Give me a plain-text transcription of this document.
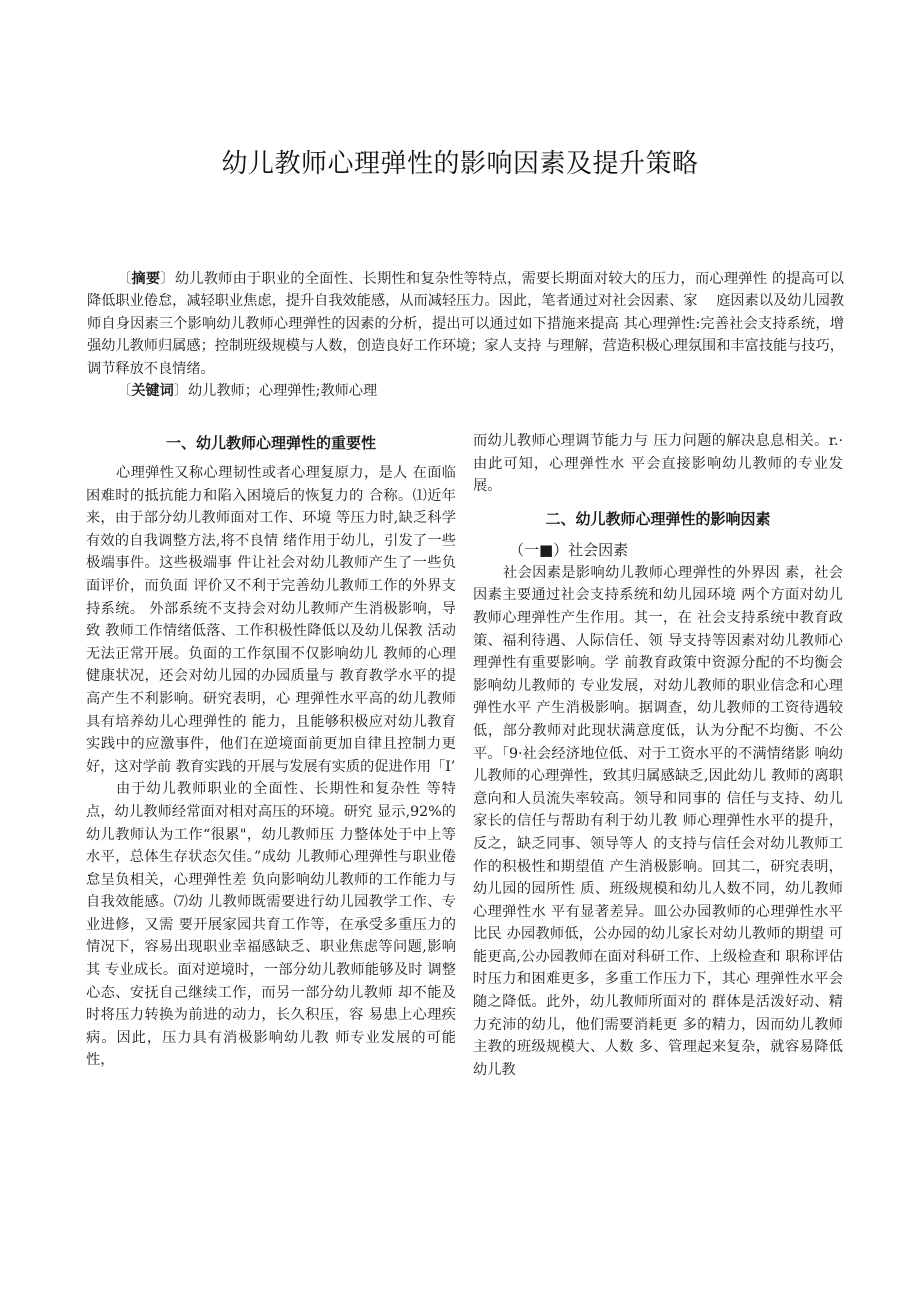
幼儿教师心理弹性的影响因素及提升策略

〔摘要〕幼儿教师由于职业的全面性、长期性和复杂性等特点，需要长期面对较大的压力，而心理弹性 的提高可以降低职业倦怠，减轻职业焦虑，提升自我效能感，从而减轻压力。因此，笔者通过对社会因素、家　 庭因素以及幼儿园教师自身因素三个影响幼儿教师心理弹性的因素的分析，提出可以通过如下措施来提高 其心理弹性:完善社会支持系统，增强幼儿教师归属感；控制班级规模与人数，创造良好工作环境；家人支持 与理解，营造积极心理氛围和丰富技能与技巧，调节释放不良情绪。

〔关键词〕幼儿教师；心理弹性;教师心理

一、幼儿教师心理弹性的重要性

心理弹性又称心理韧性或者心理复原力，是人 在面临困难时的抵抗能力和陷入困境后的恢复力的 合称。⑴近年来，由于部分幼儿教师面对工作、环境 等压力时,缺乏科学有效的自我调整方法,将不良情 绪作用于幼儿，引发了一些极端事件。这些极端事 件让社会对幼儿教师产生了一些负面评价，而负面 评价又不利于完善幼儿教师工作的外界支持系统。 外部系统不支持会对幼儿教师产生消极影响，导致 教师工作情绪低落、工作积极性降低以及幼儿保教 活动无法正常开展。负面的工作氛围不仅影响幼儿 教师的心理健康状况，还会对幼儿园的办园质量与 教育教学水平的提高产生不利影响。研究表明，心 理弹性水平高的幼儿教师具有培养幼儿心理弹性的 能力，且能够积极应对幼儿教育实践中的应激事件，他们在逆境面前更加自律且控制力更好，这对学前 教育实践的开展与发展有实质的促进作用「I’

由于幼儿教师职业的全面性、长期性和复杂性 等特点，幼儿教师经常面对相对高压的环境。研究 显示,92%的幼儿教师认为工作“很累"，幼儿教师压 力整体处于中上等水平，总体生存状态欠佳。”成幼 儿教师心理弹性与职业倦怠呈负相关，心理弹性差 负向影响幼儿教师的工作能力与自我效能感。⑺幼 儿教师既需要进行幼儿园教学工作、专业进修，又需 要开展家园共育工作等，在承受多重压力的情况下，容易出现职业幸福感缺乏、职业焦虑等问题,影响其 专业成长。面对逆境时，一部分幼儿教师能够及时 调整心态、安抚自己继续工作，而另一部分幼儿教师 却不能及时将压力转换为前进的动力，长久积压，容 易患上心理疾病。因此，压力具有消极影响幼儿教 师专业发展的可能性，

而幼儿教师心理调节能力与 压力问题的解决息息相关。r.·由此可知，心理弹性水 平会直接影响幼儿教师的专业发展。

二、幼儿教师心理弹性的影响因素
（一■）社会因素

社会因素是影响幼儿教师心理弹性的外界因 素，社会因素主要通过社会支持系统和幼儿园环境 两个方面对幼儿教师心理弹性产生作用。其一，在 社会支持系统中教育政策、福利待遇、人际信任、领 导支持等因素对幼儿教师心理弹性有重要影响。学 前教育政策中资源分配的不均衡会影响幼儿教师的 专业发展，对幼儿教师的职业信念和心理弹性水平 产生消极影响。据调查，幼儿教师的工资待遇较低，部分教师对此现状满意度低，认为分配不均衡、不公 平。「9·社会经济地位低、对于工资水平的不满情绪影 响幼儿教师的心理弹性，致其归属感缺乏,因此幼儿 教师的离职意向和人员流失率较高。领导和同事的 信任与支持、幼儿家长的信任与帮助有利于幼儿教 师心理弹性水平的提升，反之，缺乏同事、领导等人 的支持与信任会对幼儿教师工作的积极性和期望值 产生消极影响。回其二，研究表明，幼儿园的园所性 质、班级规模和幼儿人数不同，幼儿教师心理弹性水 平有显著差异。皿公办园教师的心理弹性水平比民 办园教师低，公办园的幼儿家长对幼儿教师的期望 可能更高,公办园教师在面对科研工作、上级检查和 职称评估时压力和困难更多，多重工作压力下，其心 理弹性水平会随之降低。此外，幼儿教师所面对的 群体是活泼好动、精力充沛的幼儿，他们需要消耗更 多的精力，因而幼儿教师主教的班级规模大、人数 多、管理起来复杂，就容易降低幼儿教
